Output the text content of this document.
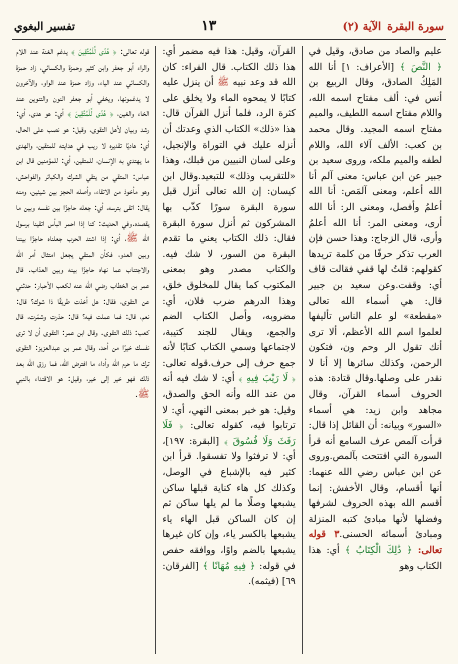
سورة البقرة
الآية (٢)
١٣
تفسير البغوي

عليم والصاد من صادق، وقيل في ﴿ النَّصَ ﴾ [الأعراف: ١] أنا الله المَلِكُ الصادق، وقال الربيع بن أنس في: ألف مفتاح اسمه الله، واللام مفتاح اسمه اللطيف، والميم مفتاح اسمه المجيد. وقال محمد بن كعب: الألف آلاء الله، واللام لطفه والميم ملكه، وروى سعيد بن جبير عن ابن عباس: معنى آلم أنا الله أعلم، ومعنى آلمَص: أنا الله أعلمُ وأفصل، ومعنى الر: أنا الله أرى، ومعنى المر: أنا الله أعلمُ وأرى، قال الزجاج: وهذا حسن فإن العرب تذكر حرفًا من كلمة تريدها كقولهم: قلتُ لها قفي فقالت قاف أي: وقفت.وعن سعيد بن جبير قال: هي أسماء الله تعالى «مقطعة» لو علم الناس تأليفها لعلموا اسم الله الأعظم، ألا ترى أنك تقول الر وحم ون، فتكون الرحمن، وكذلك سائرها إلا أنا لا نقدر على وصلها.وقال قتادة: هذه الحروف أسماء القرآن، وقال مجاهد وابن زيد: هي أسماء «السور» وبيانه: أن القائل إذا قال: قرأت آلمص عرف السامع أنه قرأ السورة التي افتتحت بآلمص.وروى عن ابن عباس رضي الله عنهما: أنها أقسام، وقال الأخفش: إنما أقسم الله بهذه الحروف لشرفها وفضلها لأنها مبادئ كتبه المنزلة ومبادئ أسمائه الحسنى.٣ قوله تعالى: ﴿ ذَٰلِكَ الْكِتَابُ ﴾ أي: هذا الكتاب وهو

القرآن، وقيل: هذا فيه مضمر أي: هذا ذلك الكتاب. قال الفراء: كان الله قد وعد نبيه ﷺ أن ينزل عليه كتابًا لا يمحوه الماء ولا يخلق على كثرة الرد، فلما أنزل القرآن قال: هذا «ذلك» الكتاب الذي وعدتك أن أنزله عليك في التوراة والإنجيل، وعلى لسان النبيين من قبلك، وهذا «للتقريب وذلك» للتبعيد.وقال ابن كيسان: إن الله تعالى أنزل قبل سورة البقرة سورًا كذّب بها المشركون ثم أنزل سورة البقرة فقال: ذلك الكتاب يعني ما تقدم البقرة من السور، لا شك فيه. والكتاب مصدر وهو بمعنى المكتوب كما يقال للمخلوق خلق، وهذا الدرهم ضرب فلان، أي: مضروبه، وأصل الكتاب الضم والجمع، ويقال للجند كتيبة، لاجتماعها وسمي الكتاب كتابًا لأنه جمع حرف إلى حرف.قوله تعالى: ﴿ لَا رَيْبَ فِيهِ ﴾ أي: لا شك فيه أنه من عند الله وأنه الحق والصدق، وقيل: هو خبر بمعنى النهي، أي: لا ترتابوا فيه، كقوله تعالى: ﴿ فَلَا رَفَثَ وَلَا فُسُوقَ ﴾ [البقرة: ١٩٧]، أي: لا ترفثوا ولا تفسقوا. قرأ ابن كثير فيه بالإشباع في الوصل، وكذلك كل هاء كناية قبلها ساكن يشبعها وصلًا ما لم يلها ساكن ثم إن كان الساكن قبل الهاء ياء يشبعها بالكسر ياء، وإن كان غيرها يشبعها بالضم واوًا، ووافقه حفص في قوله: ﴿ فِيهِ مُهَانًا ﴾ [الفرقان: ٦٩] (فيثمه).

قوله تعالى: ﴿ هُدًى لِّلْمُتَّقِينَ ﴾ يدغم الغنة عند اللام والراء أبو جعفر وابن كثير وحمزة والكسائي، زاد حمزة والكسائي عند الياء، وزاد حمزة عند الواو، والآخرون لا يدغمونها، ويخفي أبو جعفر النون والتنوين عند الخاء والغين، ﴿ هُدًى لِّلْمُتَّقِينَ ﴾ أي: هو هدى، أي: رشد وبيان لأهل التقوى، وقيل: هو نصب على الحال، أي: هاديًا تقديره لا ريب في هدايته للمتقين، والهدى ما يهتدي به الإنسان، للمتقين، أي: للمؤمنين قال ابن عباس: المتقي من يتقي الشرك والكبائر والفواحش، وهو مأخوذ من الاتقاء، وأصله الحجز بين شيئين، ومنه يقال: اتقى بترسه، أي: جعله حاجزًا بين نفسه وبين ما يقصده.وفي الحديث: كنا إذا احمر البأس اتقينا برسول الله ﷺ، أي: إذا اشتد الحرب جعلناه حاجزًا بيننا وبين العدو، فكأن المتقي يجعل امتثال أمر الله والاجتناب عما نهاه حاجزًا بينه وبين العذاب. قال عمر بن الخطاب رضي الله عنه لكعب الأحبار: حدثني عن التقوى، فقال: هل أخذت طريقًا ذا شوك؟ قال: نعم، قال: فما عملت فيه؟ قال: حذرت وشمّرت، قال كعب: ذلك التقوى. وقال ابن عمر: التقوى أن لا ترى نفسك خيرًا من أحد، وقال عمر بن عبدالعزيز: التقوى ترك ما حرم الله وأداء ما افترض الله، فما رزق الله بعد ذلك فهو خير إلى خير، وقيل: هو الاقتداء بالنبي ﷺ.
